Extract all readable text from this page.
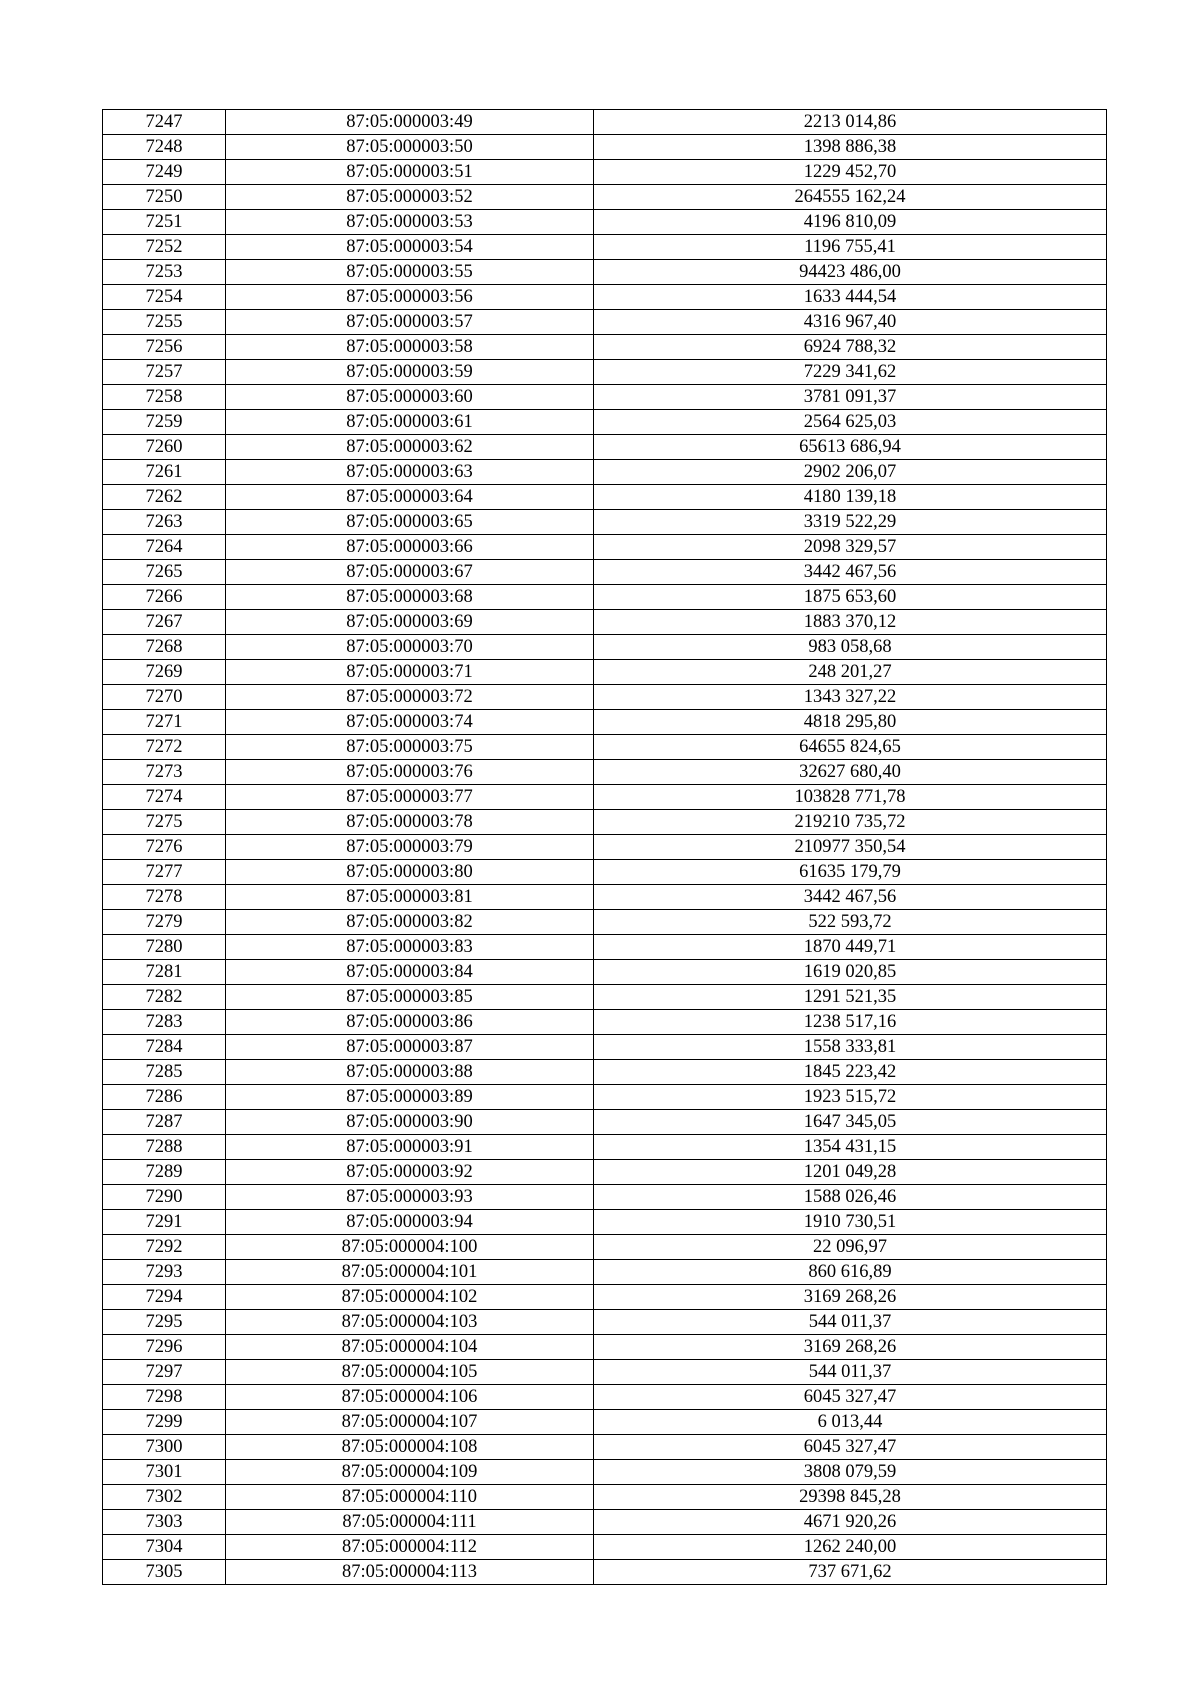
7247	87:05:000003:49	2213 014,86
7248	87:05:000003:50	1398 886,38
7249	87:05:000003:51	1229 452,70
7250	87:05:000003:52	264555 162,24
7251	87:05:000003:53	4196 810,09
7252	87:05:000003:54	1196 755,41
7253	87:05:000003:55	94423 486,00
7254	87:05:000003:56	1633 444,54
7255	87:05:000003:57	4316 967,40
7256	87:05:000003:58	6924 788,32
7257	87:05:000003:59	7229 341,62
7258	87:05:000003:60	3781 091,37
7259	87:05:000003:61	2564 625,03
7260	87:05:000003:62	65613 686,94
7261	87:05:000003:63	2902 206,07
7262	87:05:000003:64	4180 139,18
7263	87:05:000003:65	3319 522,29
7264	87:05:000003:66	2098 329,57
7265	87:05:000003:67	3442 467,56
7266	87:05:000003:68	1875 653,60
7267	87:05:000003:69	1883 370,12
7268	87:05:000003:70	983 058,68
7269	87:05:000003:71	248 201,27
7270	87:05:000003:72	1343 327,22
7271	87:05:000003:74	4818 295,80
7272	87:05:000003:75	64655 824,65
7273	87:05:000003:76	32627 680,40
7274	87:05:000003:77	103828 771,78
7275	87:05:000003:78	219210 735,72
7276	87:05:000003:79	210977 350,54
7277	87:05:000003:80	61635 179,79
7278	87:05:000003:81	3442 467,56
7279	87:05:000003:82	522 593,72
7280	87:05:000003:83	1870 449,71
7281	87:05:000003:84	1619 020,85
7282	87:05:000003:85	1291 521,35
7283	87:05:000003:86	1238 517,16
7284	87:05:000003:87	1558 333,81
7285	87:05:000003:88	1845 223,42
7286	87:05:000003:89	1923 515,72
7287	87:05:000003:90	1647 345,05
7288	87:05:000003:91	1354 431,15
7289	87:05:000003:92	1201 049,28
7290	87:05:000003:93	1588 026,46
7291	87:05:000003:94	1910 730,51
7292	87:05:000004:100	22 096,97
7293	87:05:000004:101	860 616,89
7294	87:05:000004:102	3169 268,26
7295	87:05:000004:103	544 011,37
7296	87:05:000004:104	3169 268,26
7297	87:05:000004:105	544 011,37
7298	87:05:000004:106	6045 327,47
7299	87:05:000004:107	6 013,44
7300	87:05:000004:108	6045 327,47
7301	87:05:000004:109	3808 079,59
7302	87:05:000004:110	29398 845,28
7303	87:05:000004:111	4671 920,26
7304	87:05:000004:112	1262 240,00
7305	87:05:000004:113	737 671,62
